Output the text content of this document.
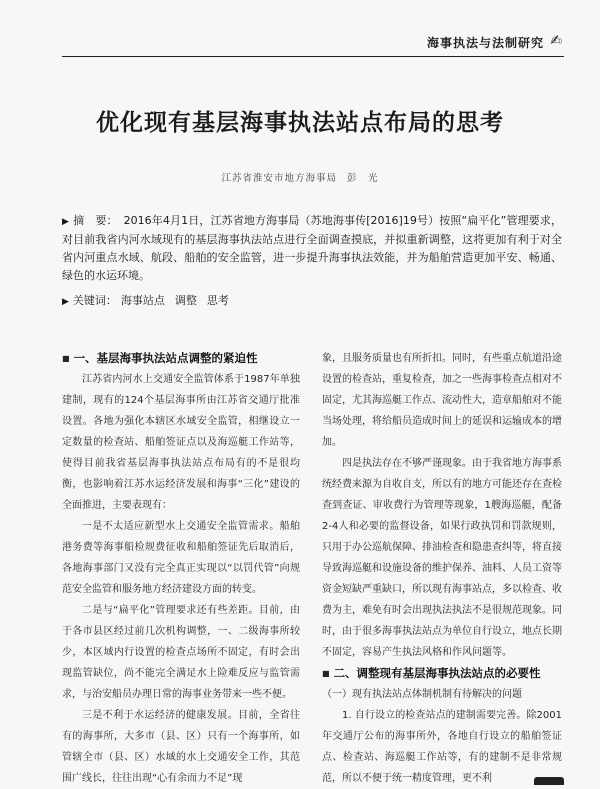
海事执法与法制研究 ✍
优化现有基层海事执法站点布局的思考
江苏省淮安市地方海事局 彭　光
▶ 摘　要： 2016年4月1日，江苏省地方海事局（苏地海事传[2016]19号）按照“扁平化”管理要求，对目前我省内河水域现有的基层海事执法站点进行全面调查摸底，并拟重新调整，这将更加有利于对全省内河重点水域、航段、船舶的安全监管，进一步提升海事执法效能，并为船舶营造更加平安、畅通、绿色的水运环境。
▶ 关键词： 海事站点 调整 思考
■ 一、基层海事执法站点调整的紧迫性

江苏省内河水上交通安全监管体系于1987年单独建制，现有的124个基层海事所由江苏省交通厅批准设置。各地为强化本辖区水域安全监管，相继设立一定数量的检查站、船舶签证点以及海巡艇工作站等，使得目前我省基层海事执法站点布局有的不是很均衡，也影响着江苏水运经济发展和海事“三化”建设的全面推进，主要表现有：

一是不太适应新型水上交通安全监管需求。船舶港务费等海事船检规费征收和船舶签证先后取消后，各地海事部门又没有完全真正实现以“以罚代管”向规范安全监管和服务地方经济建设方面的转变。

二是与“扁平化”管理要求还有些差距。目前，由于各市县区经过前几次机构调整，一、二级海事所较少，本区域内行设置的检查点场所不固定，有时会出现监管缺位，尚不能完全满足水上险难反应与监管需求，与治安船员办理日常的海事业务带来一些不便。

三是不利于水运经济的健康发展。目前，全省往有的海事所，大多市（县、区）只有一个海事所，如管辖全市（县、区）水域的水上交通安全工作，其范围广线长，往往出现“心有余而力不足”现

象，且服务质量也有所折扣。同时，有些重点航道沿途设置的检查站，重复检查，加之一些海事检查点相对不固定，尤其海巡艇工作点、流动性大，造章船舶对不能当场处理，将给船员造成时间上的延误和运输成本的增加。

四是执法存在不够严谨现象。由于我省地方海事系统经费来源为自收自支，所以有的地方可能还存在查检查到查证、审收费行为管理等现象，1艘海巡艇，配备2-4人和必要的监督设备，如果行政执罚和罚款规则，只用于办公巡航保障、排油检查和隐患查纠等，将直接导致海巡艇和设施设备的维护保养、油料、人员工资等资金短缺严重缺口，所以现有海事站点，多以检查、收费为主，难免有时会出现执法执法不是很规范现象。同时，由于很多海事执法站点为单位自行设立，地点长期不固定，容易产生执法风格和作风问题等。

■ 二、调整现有基层海事执法站点的必要性
（一）现有执法站点体制机制有待解决的问题

1. 自行设立的检查站点的建制需要完善。除2001年交通厅公布的海事所外，各地自行设立的船舶签证点、检查站、海巡艇工作站等，有的建制不是非常规范，所以不便于统一精度管理，更不利
